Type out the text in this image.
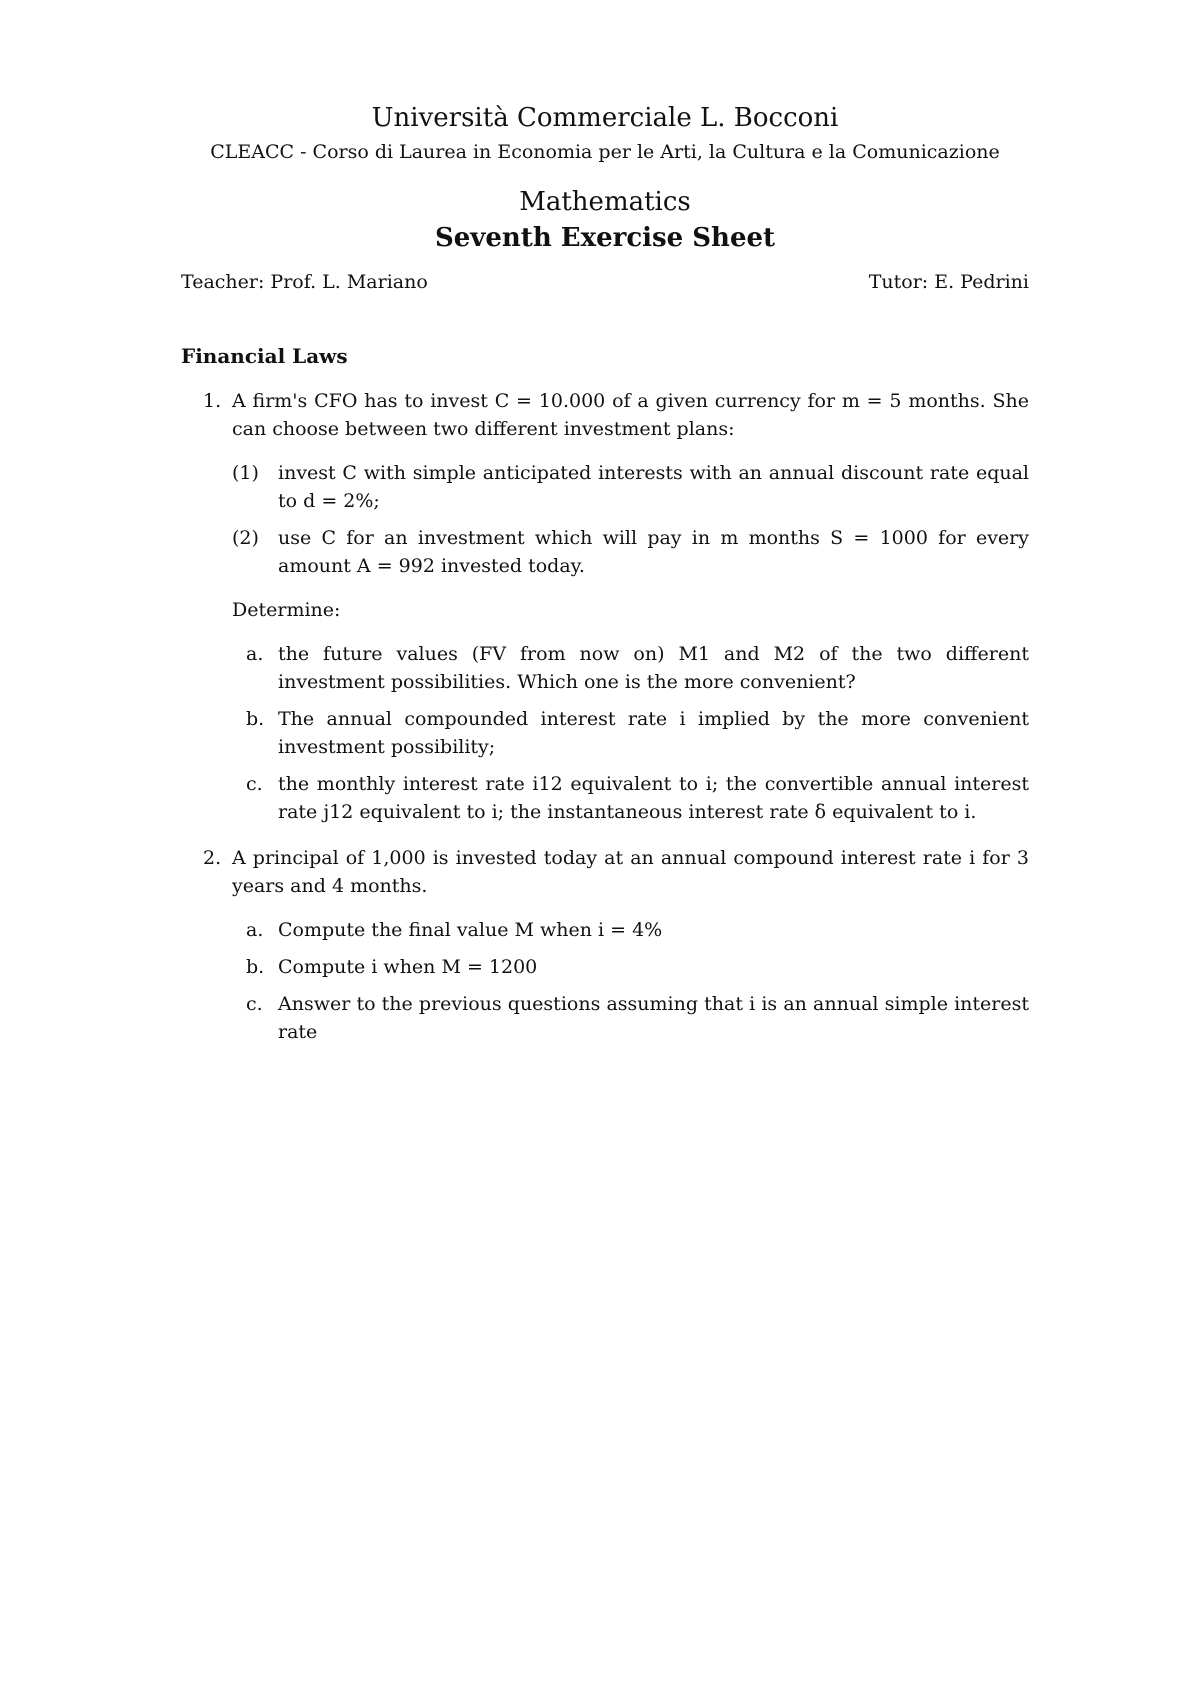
Università Commerciale L. Bocconi
CLEACC - Corso di Laurea in Economia per le Arti, la Cultura e la Comunicazione
Mathematics
Seventh Exercise Sheet
Teacher: Prof. L. Mariano	Tutor: E. Pedrini
Financial Laws
1. A firm's CFO has to invest C = 10.000 of a given currency for m = 5 months. She can choose between two different investment plans:
(1) invest C with simple anticipated interests with an annual discount rate equal to d = 2%;
(2) use C for an investment which will pay in m months S = 1000 for every amount A = 992 invested today.
Determine:
a. the future values (FV from now on) M1 and M2 of the two different investment possibilities. Which one is the more convenient?
b. The annual compounded interest rate i implied by the more convenient investment possibility;
c. the monthly interest rate i12 equivalent to i; the convertible annual interest rate j12 equivalent to i; the instantaneous interest rate δ equivalent to i.
2. A principal of 1,000 is invested today at an annual compound interest rate i for 3 years and 4 months.
a. Compute the final value M when i = 4%
b. Compute i when M = 1200
c. Answer to the previous questions assuming that i is an annual simple interest rate
